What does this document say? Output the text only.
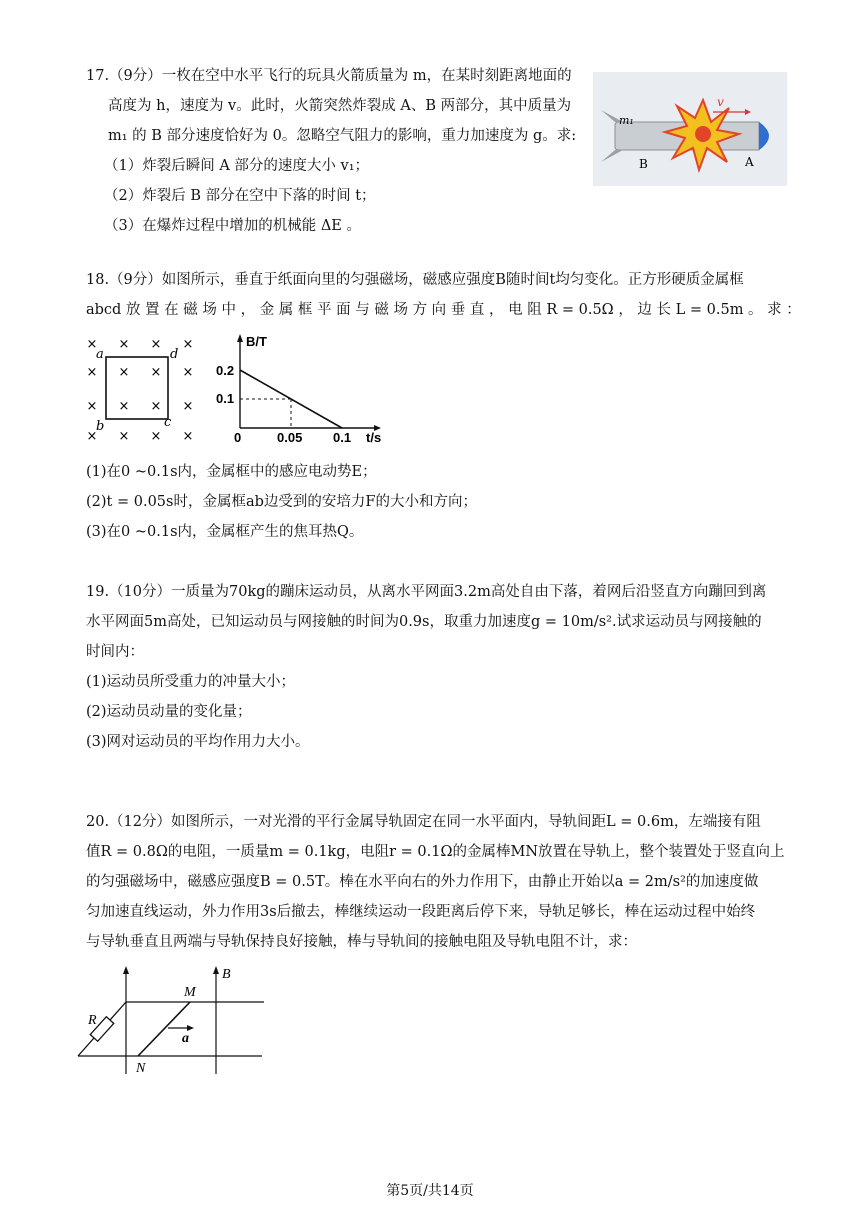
17.（9分）一枚在空中水平飞行的玩具火箭质量为 m，在某时刻距离地面的
高度为 h，速度为 v。此时，火箭突然炸裂成 A、B 两部分，其中质量为
m₁ 的 B 部分速度恰好为 0。忽略空气阻力的影响，重力加速度为 g。求:
（1）炸裂后瞬间 A 部分的速度大小 v₁；
（2）炸裂后 B 部分在空中下落的时间 t；
（3）在爆炸过程中增加的机械能 ΔE 。
m₁
v
B	A
18.（9分）如图所示，垂直于纸面向里的匀强磁场，磁感应强度B随时间t均匀变化。正方形硬质金属框
abcd 放 置 在 磁 场 中 ， 金 属 框 平 面 与 磁 场 方 向 垂 直 ， 电 阻 R = 0.5Ω ， 边 长 L = 0.5m 。 求 ：
× × × ×
× × × ×
× × × ×
× × × ×
a
b	c
d
B/T
t/s
0.2
0.1
0	0.05 0.1
(1)在0 ~0.1s内，金属框中的感应电动势E；
(2)t = 0.05s时，金属框ab边受到的安培力F的大小和方向；
(3)在0 ~0.1s内，金属框产生的焦耳热Q。
19.（10分）一质量为70kg的蹦床运动员，从离水平网面3.2m高处自由下落，着网后沿竖直方向蹦回到离
水平网面5m高处，已知运动员与网接触的时间为0.9s，取重力加速度g = 10m/s².试求运动员与网接触的
时间内：
(1)运动员所受重力的冲量大小；
(2)运动员动量的变化量；
(3)网对运动员的平均作用力大小。
20.（12分）如图所示，一对光滑的平行金属导轨固定在同一水平面内，导轨间距L = 0.6m，左端接有阻
值R = 0.8Ω的电阻，一质量m = 0.1kg，电阻r = 0.1Ω的金属棒MN放置在导轨上，整个装置处于竖直向上
的匀强磁场中，磁感应强度B = 0.5T。棒在水平向右的外力作用下，由静止开始以a = 2m/s²的加速度做
匀加速直线运动，外力作用3s后撤去，棒继续运动一段距离后停下来，导轨足够长，棒在运动过程中始终
与导轨垂直且两端与导轨保持良好接触，棒与导轨间的接触电阻及导轨电阻不计，求：
M
N
R
B
a
第5页/共14页
